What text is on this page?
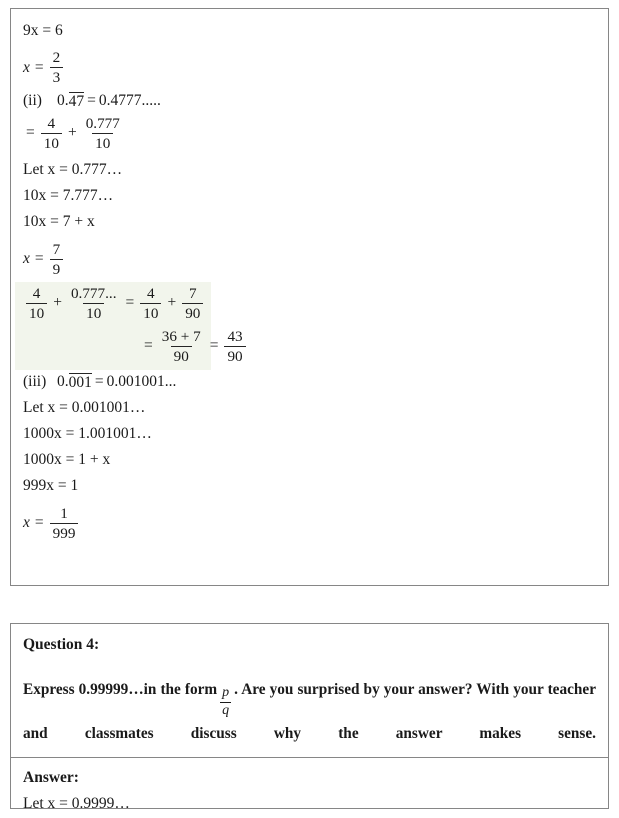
9x = 6
$x = \frac{2}{3}$
(ii) 0. 47 = 0.4777.....
= $\frac{4}{10} + \frac{0.777}{10}$
Let x = 0.777…
10x = 7.777…
10x = 7 + x
$x = \frac{7}{9}$
$\frac{4}{10} + \frac{0.777...}{10} = \frac{4}{10} + \frac{7}{90}$
= $\frac{36 + 7}{90} = \frac{43}{90}$
(iii) 0. 001 = 0.001001...
Let x = 0.001001…
1000x = 1.001001…
1000x = 1 + x
999x = 1
$x = \frac{1}{999}$
Question 4:
Express 0.99999…in the form $\frac{p}{q}$ . Are you surprised by your answer? With your teacher and classmates discuss why the answer makes sense.
Answer:
Let x = 0.9999…
